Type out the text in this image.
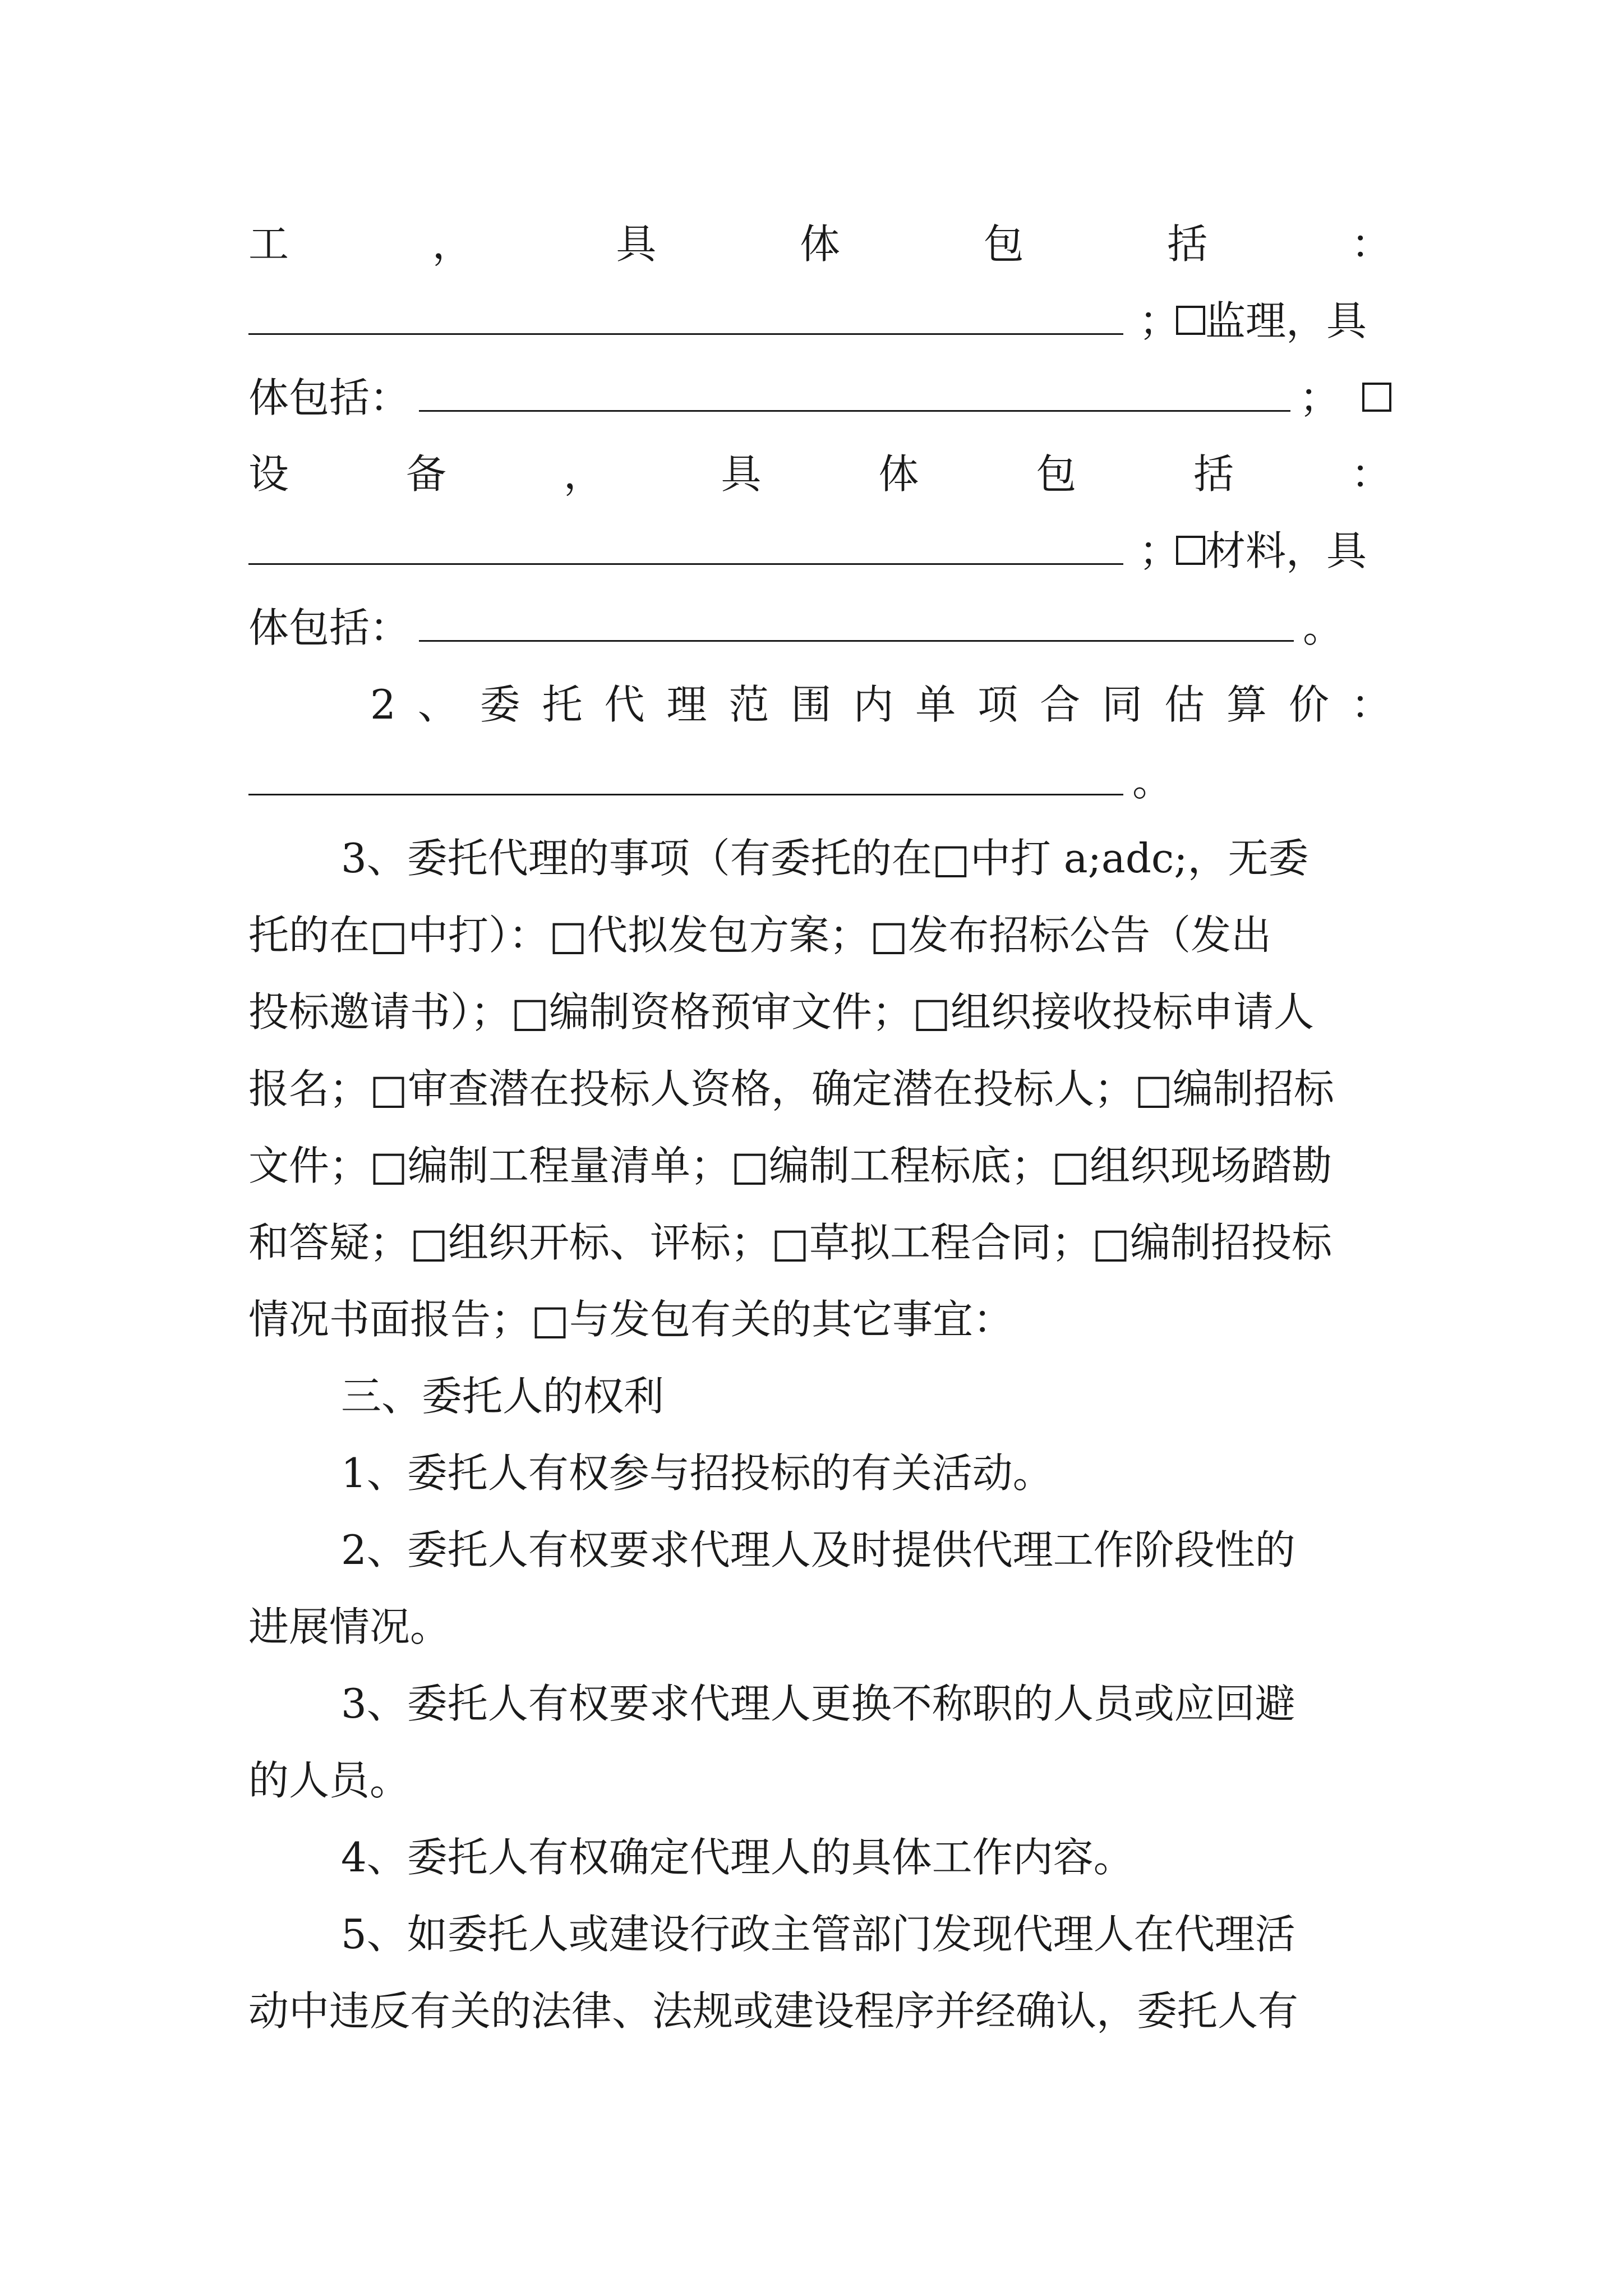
工	，	具	体	包	括	：
； 监理，具
体包括：	；
设	备	，	具	体	包	括	：
； 材料，具
体包括：	。
2 、 委 托 代 理 范 围 内 单 项 合 同 估 算 价 ：
。
3、委托代理的事项（有委托的在□中打 a;adc;，无委
托的在□中打）：□代拟发包方案；□发布招标公告（发出
投标邀请书）；□编制资格预审文件；□组织接收投标申请人
报名；□审查潜在投标人资格，确定潜在投标人；□编制招标
文件；□编制工程量清单；□编制工程标底；□组织现场踏勘
和答疑；□组织开标、评标；□草拟工程合同；□编制招投标
情况书面报告；□与发包有关的其它事宜：
三、委托人的权利
1、委托人有权参与招投标的有关活动。
2、委托人有权要求代理人及时提供代理工作阶段性的
进展情况。
3、委托人有权要求代理人更换不称职的人员或应回避
的人员。
4、委托人有权确定代理人的具体工作内容。
5、如委托人或建设行政主管部门发现代理人在代理活
动中违反有关的法律、法规或建设程序并经确认，委托人有
